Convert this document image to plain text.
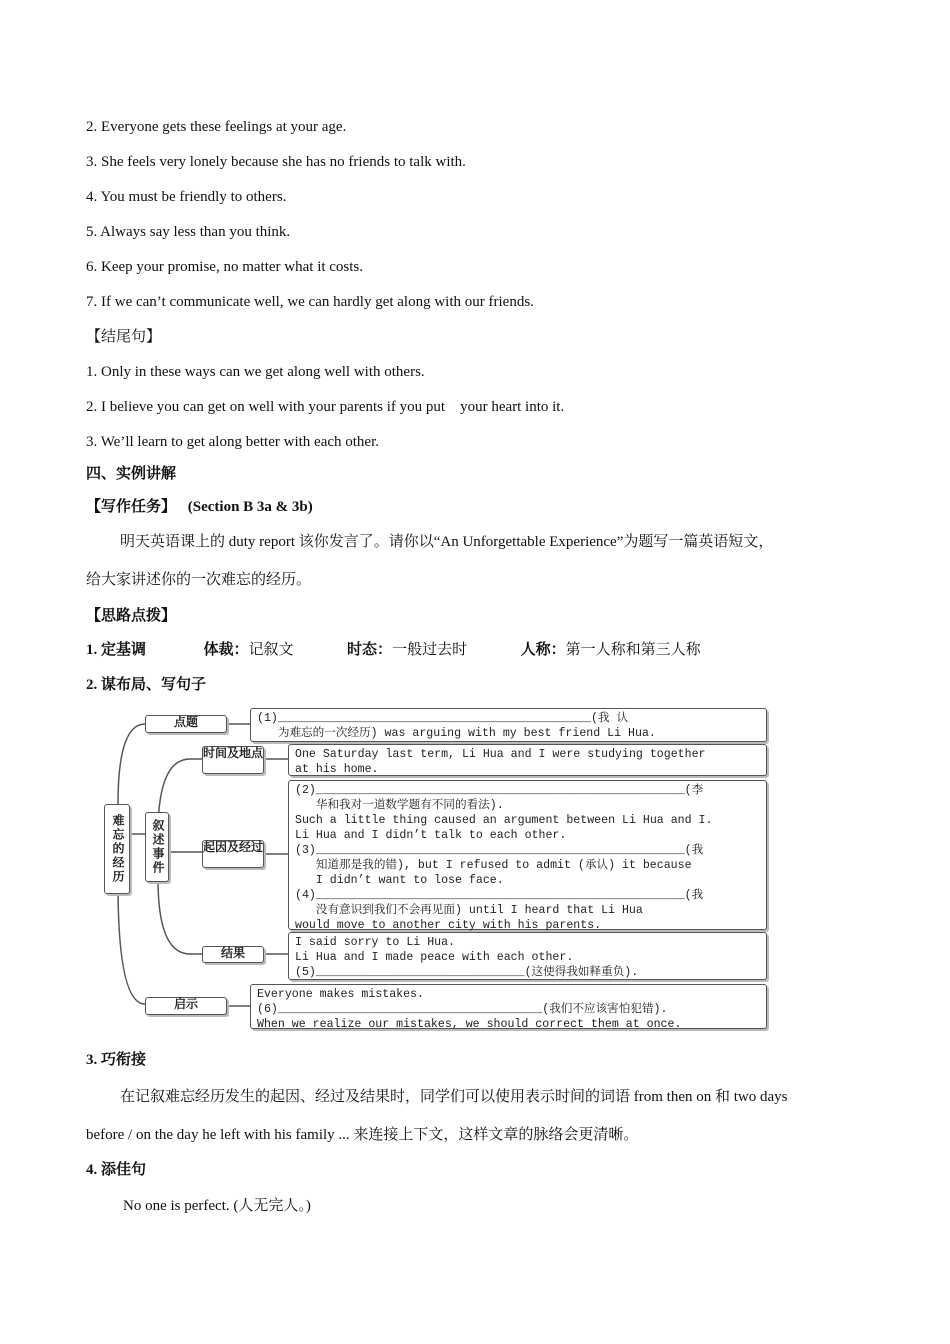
2. Everyone gets these feelings at your age.
3. She feels very lonely because she has no friends to talk with.
4. You must be friendly to others.
5. Always say less than you think.
6. Keep your promise, no matter what it costs.
7. If we can’t communicate well, we can hardly get along with our friends.
【结尾句】
1. Only in these ways can we get along well with others.
2. I believe you can get on well with your parents if you put    your heart into it.
3. We’ll learn to get along better with each other.
四、实例讲解
【写作任务】 (Section B 3a & 3b)
明天英语课上的 duty report 该你发言了。请你以“An Unforgettable Experience”为题写一篇英语短文，
给大家讲述你的一次难忘的经历。
【思路点拨】
1. 定基调	体裁：记叙文	时态：一般过去时	人称：第一人称和第三人称
2. 谋布局、写句子
难忘的经历	叙述事件
点题
时间及地点
起因及经过
结果
启示

(1)_____________________________________________(我 认

为难忘的一次经历) was arguing with my best friend Li Hua.

One Saturday last term, Li Hua and I were studying together

at his home.

(2)_____________________________________________________(李

华和我对一道数学题有不同的看法).

Such a little thing caused an argument between Li Hua and I.

Li Hua and I didn’t talk to each other.

(3)_____________________________________________________(我

知道那是我的错), but I refused to admit (承认) it because

I didn’t want to lose face.

(4)_____________________________________________________(我

没有意识到我们不会再见面) until I heard that Li Hua

would move to another city with his parents.

I said sorry to Li Hua.

Li Hua and I made peace with each other.

(5)______________________________(这使得我如释重负).

Everyone makes mistakes.

(6)______________________________________(我们不应该害怕犯错).

When we realize our mistakes, we should correct them at once.

3. 巧衔接
在记叙难忘经历发生的起因、经过及结果时，同学们可以使用表示时间的词语 from then on 和 two days
before / on the day he left with his family ... 来连接上下文，这样文章的脉络会更清晰。
4. 添佳句
No one is perfect. (人无完人。)
